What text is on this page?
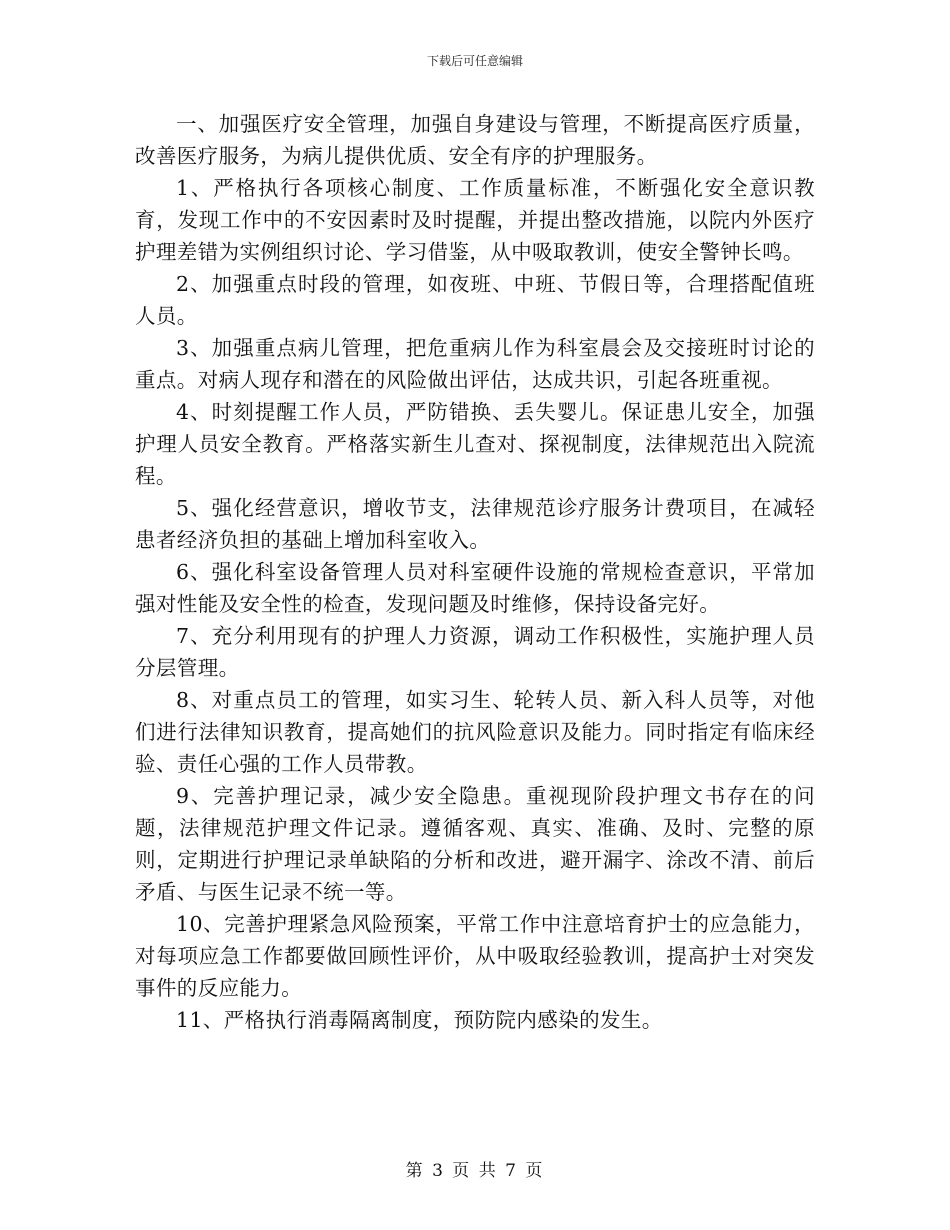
下载后可任意编辑

一、加强医疗安全管理，加强自身建设与管理，不断提高医疗质量，改善医疗服务，为病儿提供优质、安全有序的护理服务。

1、严格执行各项核心制度、工作质量标准，不断强化安全意识教育，发现工作中的不安因素时及时提醒，并提出整改措施，以院内外医疗护理差错为实例组织讨论、学习借鉴，从中吸取教训，使安全警钟长鸣。

2、加强重点时段的管理，如夜班、中班、节假日等，合理搭配值班人员。

3、加强重点病儿管理，把危重病儿作为科室晨会及交接班时讨论的重点。对病人现存和潜在的风险做出评估，达成共识，引起各班重视。

4、时刻提醒工作人员，严防错换、丢失婴儿。保证患儿安全，加强护理人员安全教育。严格落实新生儿查对、探视制度，法律规范出入院流程。

5、强化经营意识，增收节支，法律规范诊疗服务计费项目，在减轻患者经济负担的基础上增加科室收入。

6、强化科室设备管理人员对科室硬件设施的常规检查意识，平常加强对性能及安全性的检查，发现问题及时维修，保持设备完好。

7、充分利用现有的护理人力资源，调动工作积极性，实施护理人员分层管理。

8、对重点员工的管理，如实习生、轮转人员、新入科人员等，对他们进行法律知识教育，提高她们的抗风险意识及能力。同时指定有临床经验、责任心强的工作人员带教。

9、完善护理记录，减少安全隐患。重视现阶段护理文书存在的问题，法律规范护理文件记录。遵循客观、真实、准确、及时、完整的原则，定期进行护理记录单缺陷的分析和改进，避开漏字、涂改不清、前后矛盾、与医生记录不统一等。

10、完善护理紧急风险预案，平常工作中注意培育护士的应急能力，对每项应急工作都要做回顾性评价，从中吸取经验教训，提高护士对突发事件的反应能力。

11、严格执行消毒隔离制度，预防院内感染的发生。

第 3 页 共 7 页
